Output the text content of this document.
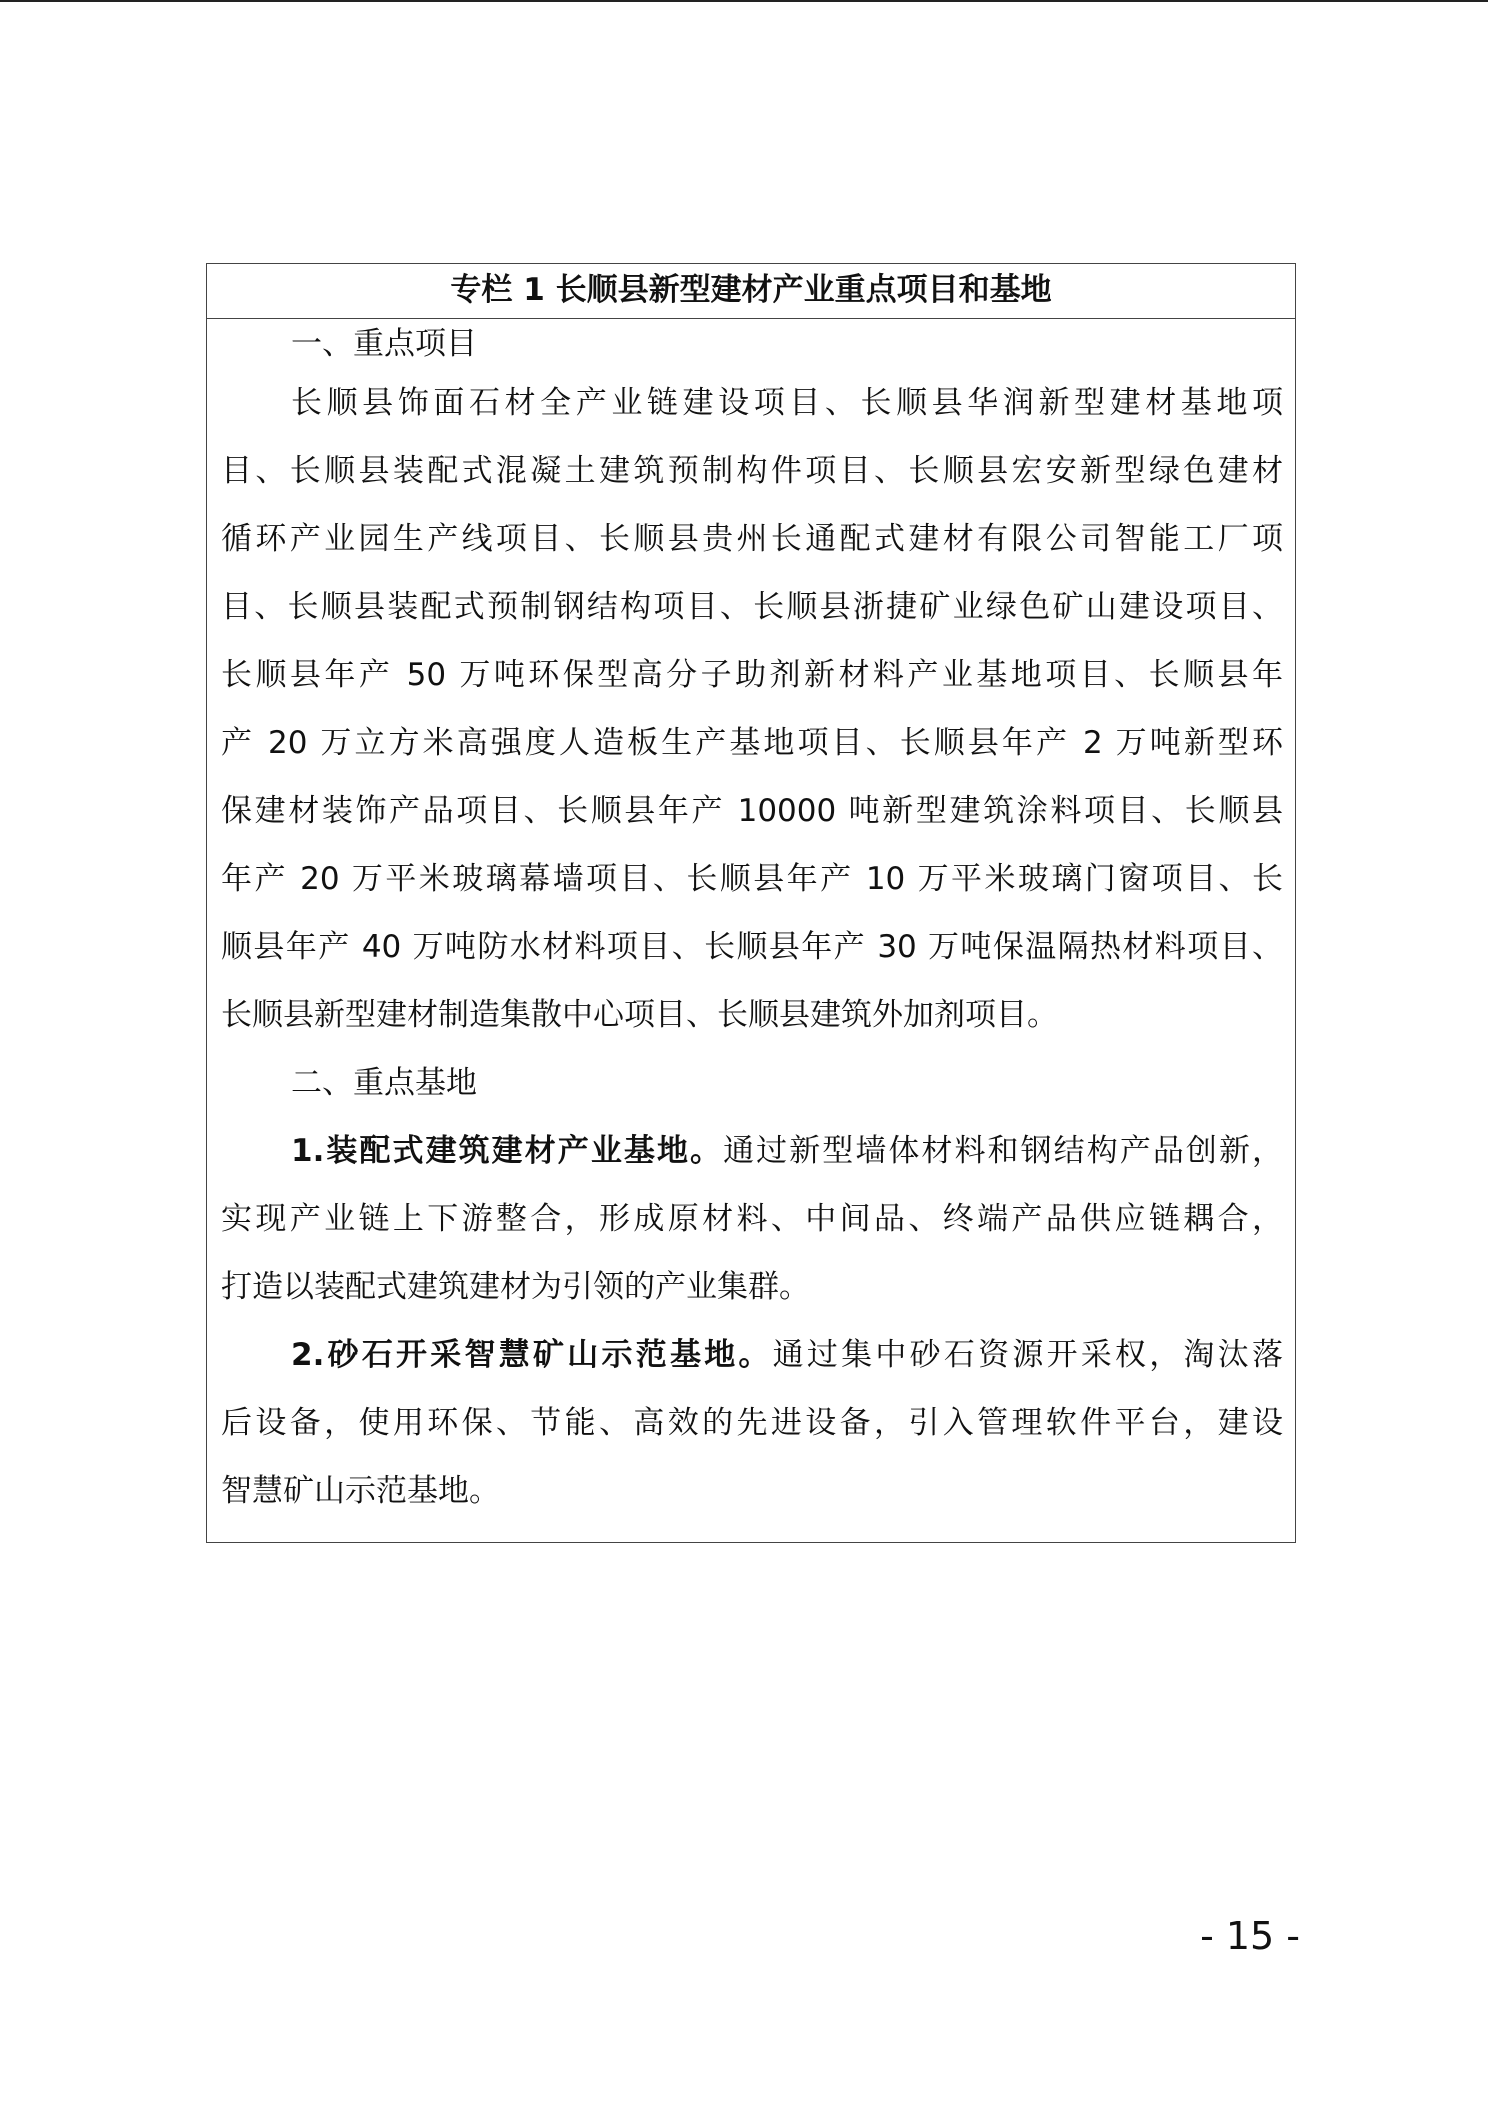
专栏 1 长顺县新型建材产业重点项目和基地
一、重点项目
长顺县饰面石材全产业链建设项目、长顺县华润新型建材基地项
目、长顺县装配式混凝土建筑预制构件项目、长顺县宏安新型绿色建材
循环产业园生产线项目、长顺县贵州长通配式建材有限公司智能工厂项
目、长顺县装配式预制钢结构项目、长顺县浙捷矿业绿色矿山建设项目、
长顺县年产 50 万吨环保型高分子助剂新材料产业基地项目、长顺县年
产 20 万立方米高强度人造板生产基地项目、长顺县年产 2 万吨新型环
保建材装饰产品项目、长顺县年产 10000 吨新型建筑涂料项目、长顺县
年产 20 万平米玻璃幕墙项目、长顺县年产 10 万平米玻璃门窗项目、长
顺县年产 40 万吨防水材料项目、长顺县年产 30 万吨保温隔热材料项目、
长顺县新型建材制造集散中心项目、长顺县建筑外加剂项目。
二、重点基地
1.装配式建筑建材产业基地。通过新型墙体材料和钢结构产品创新，
实现产业链上下游整合，形成原材料、中间品、终端产品供应链耦合，
打造以装配式建筑建材为引领的产业集群。
2.砂石开采智慧矿山示范基地。通过集中砂石资源开采权，淘汰落
后设备，使用环保、节能、高效的先进设备，引入管理软件平台，建设
智慧矿山示范基地。
- 15 -
